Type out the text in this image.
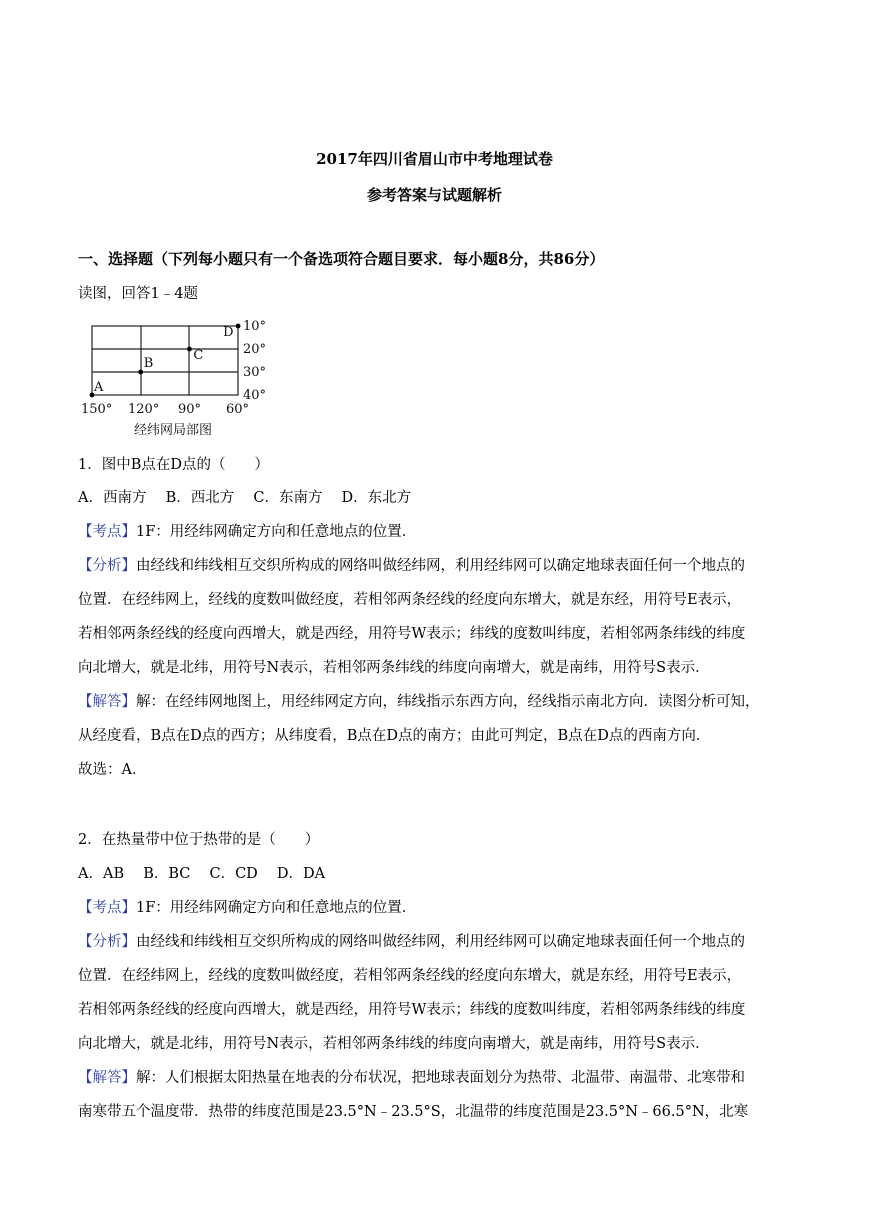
2017年四川省眉山市中考地理试卷
参考答案与试题解析
一、选择题（下列每小题只有一个备选项符合题目要求．每小题8分，共86分）
读图，回答1﹣4题
A
B
C
D 10°
20°
30°
40°
150° 120° 90° 60°
经纬网局部图
1．图中B点在D点的（　　）
A．西南方　 B．西北方　 C．东南方　 D．东北方
【考点】1F：用经纬网确定方向和任意地点的位置．
【分析】由经线和纬线相互交织所构成的网络叫做经纬网，利用经纬网可以确定地球表面任何一个地点的
位置．在经纬网上，经线的度数叫做经度，若相邻两条经线的经度向东增大，就是东经，用符号E表示，
若相邻两条经线的经度向西增大，就是西经，用符号W表示；纬线的度数叫纬度，若相邻两条纬线的纬度
向北增大，就是北纬，用符号N表示，若相邻两条纬线的纬度向南增大，就是南纬，用符号S表示．
【解答】解：在经纬网地图上，用经纬网定方向，纬线指示东西方向，经线指示南北方向．读图分析可知，
从经度看，B点在D点的西方；从纬度看，B点在D点的南方；由此可判定，B点在D点的西南方向．
故选：A．
2．在热量带中位于热带的是（　　）
A．AB　 B．BC　 C．CD　 D．DA
【考点】1F：用经纬网确定方向和任意地点的位置．
【分析】由经线和纬线相互交织所构成的网络叫做经纬网，利用经纬网可以确定地球表面任何一个地点的
位置．在经纬网上，经线的度数叫做经度，若相邻两条经线的经度向东增大，就是东经，用符号E表示，
若相邻两条经线的经度向西增大，就是西经，用符号W表示；纬线的度数叫纬度，若相邻两条纬线的纬度
向北增大，就是北纬，用符号N表示，若相邻两条纬线的纬度向南增大，就是南纬，用符号S表示．
【解答】解：人们根据太阳热量在地表的分布状况，把地球表面划分为热带、北温带、南温带、北寒带和
南寒带五个温度带．热带的纬度范围是23.5°N﹣23.5°S，北温带的纬度范围是23.5°N﹣66.5°N，北寒
